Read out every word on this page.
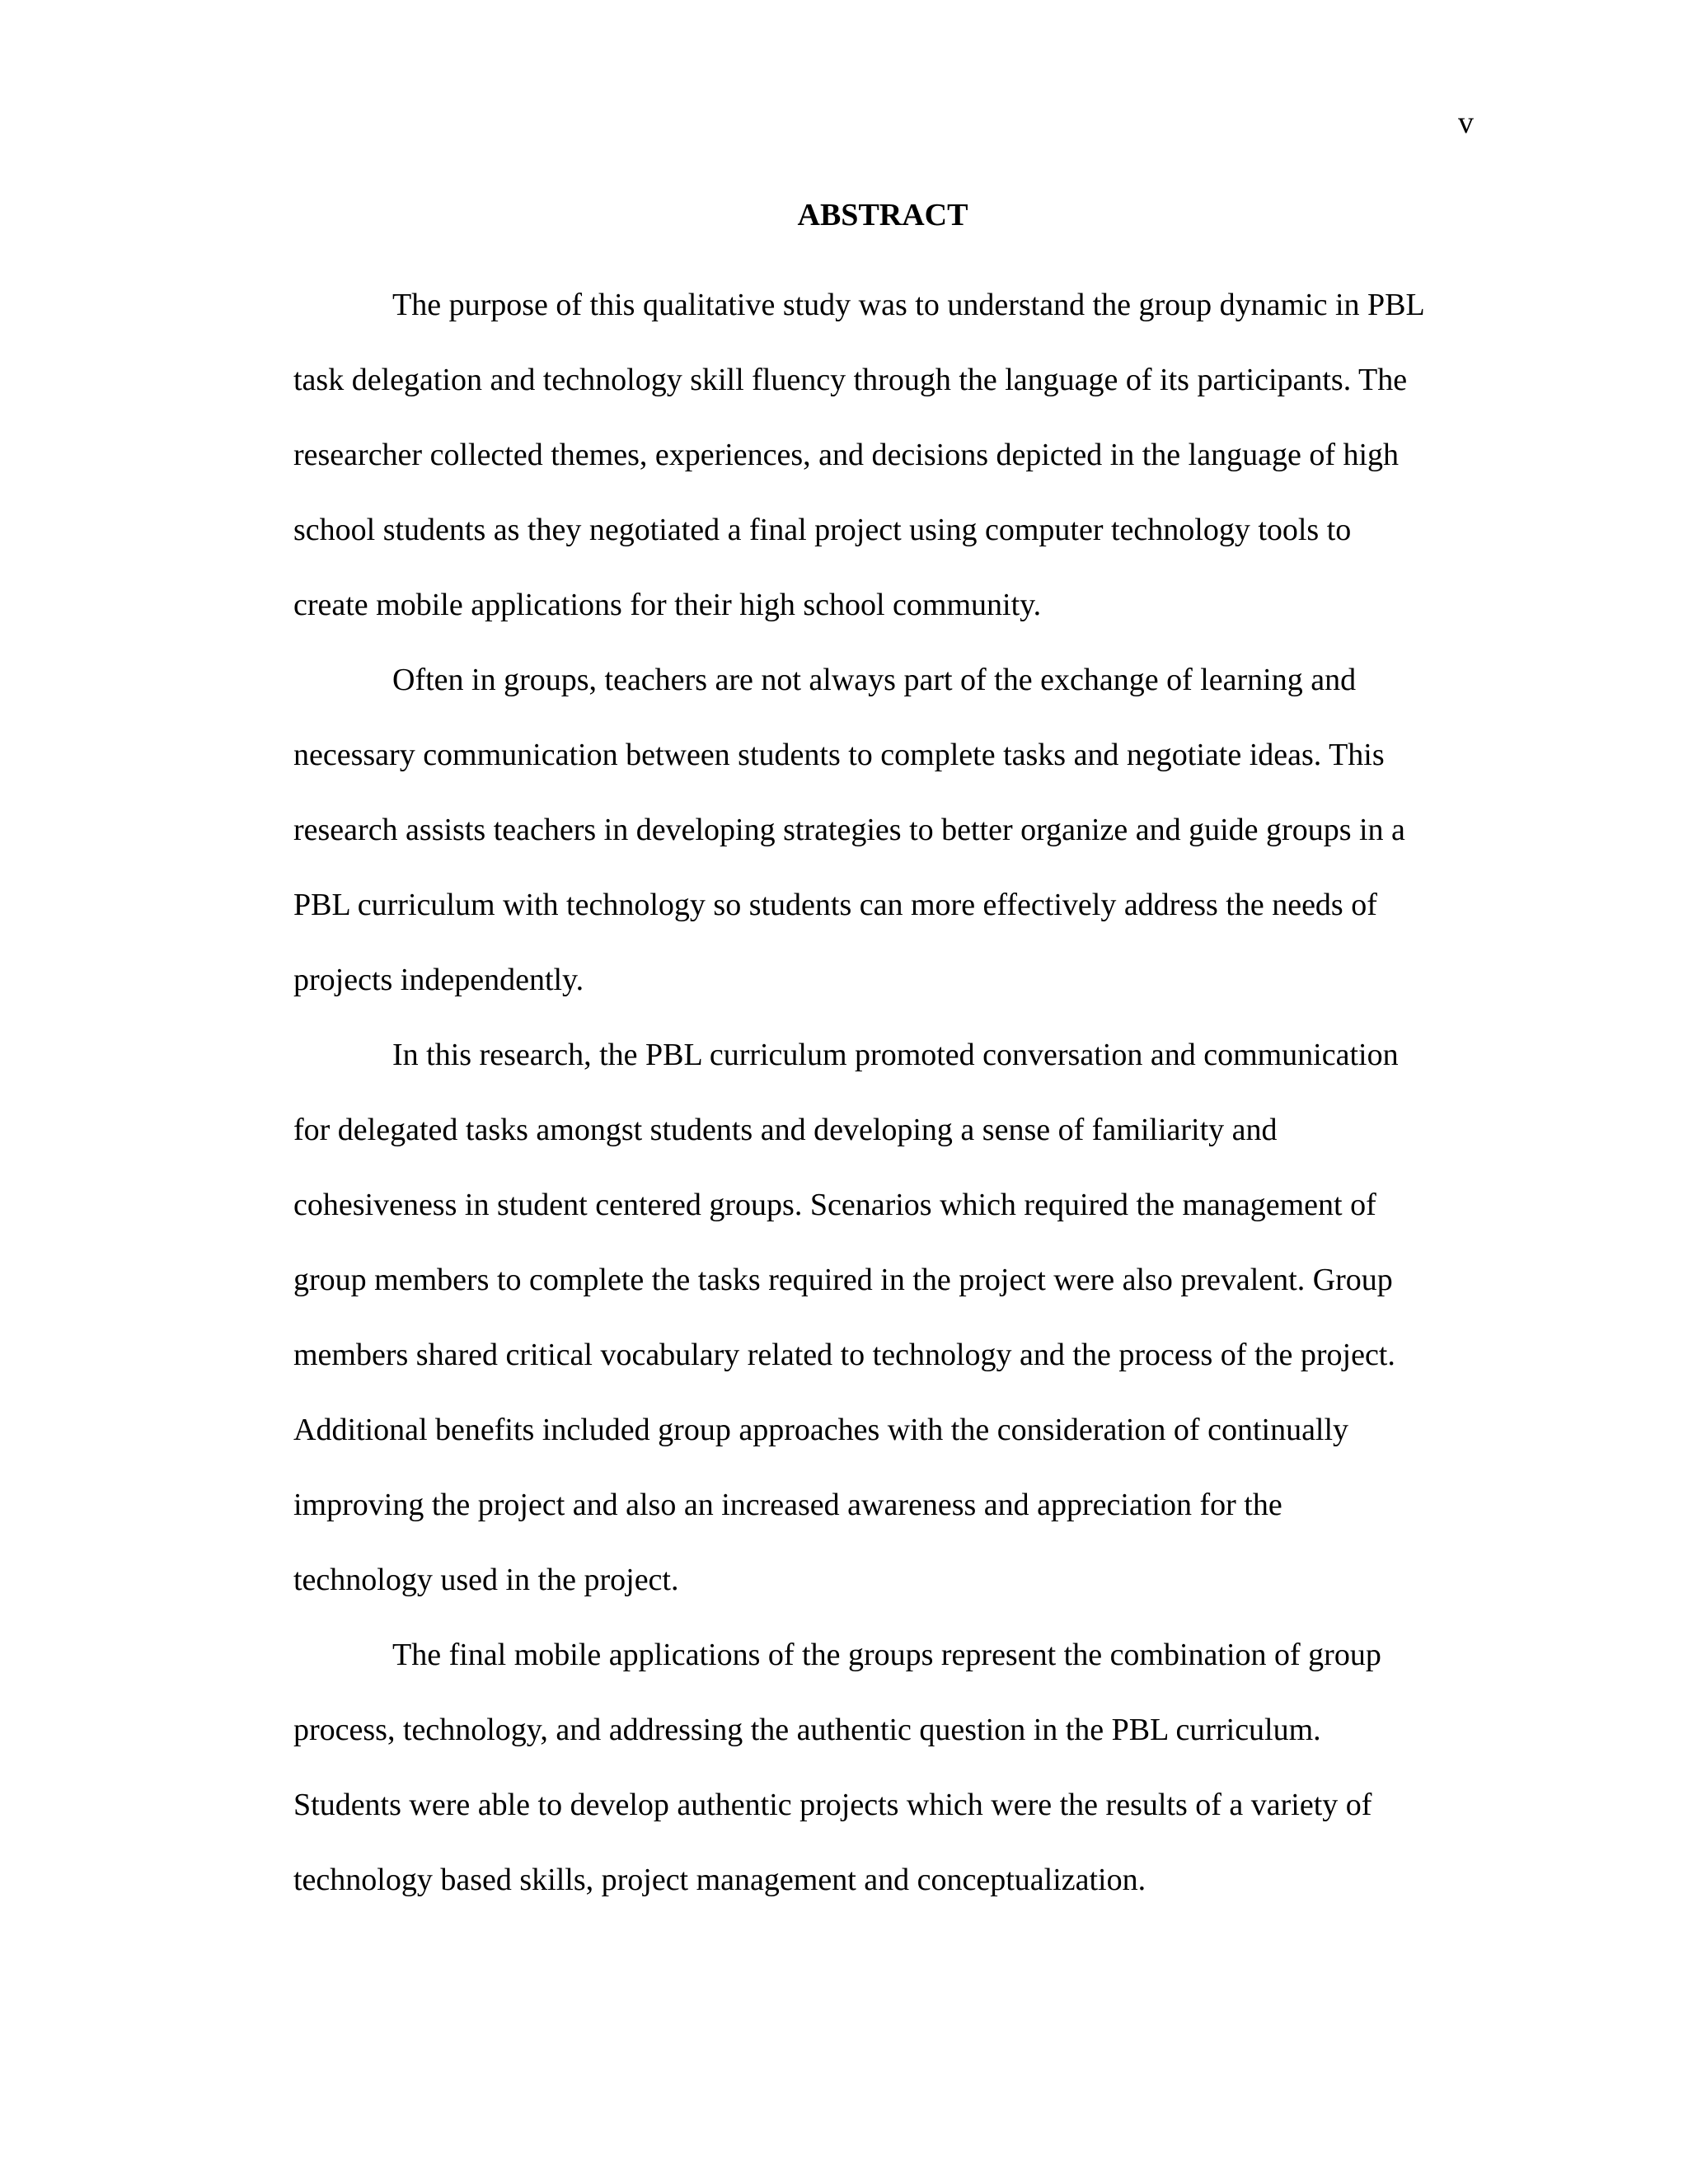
v
ABSTRACT
The purpose of this qualitative study was to understand the group dynamic in PBL
task delegation and technology skill fluency through the language of its participants. The
researcher collected themes, experiences, and decisions depicted in the language of high
school students as they negotiated a final project using computer technology tools to
create mobile applications for their high school community.
Often in groups, teachers are not always part of the exchange of learning and
necessary communication between students to complete tasks and negotiate ideas. This
research assists teachers in developing strategies to better organize and guide groups in a
PBL curriculum with technology so students can more effectively address the needs of
projects independently.
In this research, the PBL curriculum promoted conversation and communication
for delegated tasks amongst students and developing a sense of familiarity and
cohesiveness in student centered groups. Scenarios which required the management of
group members to complete the tasks required in the project were also prevalent. Group
members shared critical vocabulary related to technology and the process of the project.
Additional benefits included group approaches with the consideration of continually
improving the project and also an increased awareness and appreciation for the
technology used in the project.
The final mobile applications of the groups represent the combination of group
process, technology, and addressing the authentic question in the PBL curriculum.
Students were able to develop authentic projects which were the results of a variety of
technology based skills, project management and conceptualization.
